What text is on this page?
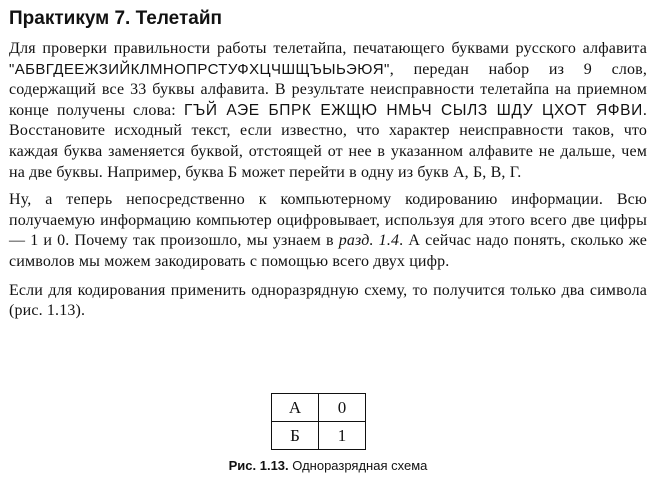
Практикум 7. Телетайп

Для проверки правильности работы телетайпа, печатающего буквами русского алфавита "АБВГДЕЕЖЗИЙКЛМНОПРСТУФХЦЧШЩЪЫЬЭЮЯ", передан набор из 9 слов, содержащий все 33 буквы алфавита. В результате неисправности телетайпа на приемном конце получены слова: ГЪЙ АЭЕ БПРК ЕЖЩЮ НМЬЧ СЫЛЗ ШДУ ЦХОТ ЯФВИ. Восстановите исходный текст, если известно, что характер неисправности таков, что каждая буква заменяется буквой, отстоящей от нее в указанном алфавите не дальше, чем на две буквы. Например, буква Б может перейти в одну из букв А, Б, В, Г.

Ну, а теперь непосредственно к компьютерному кодированию информации. Всю получаемую информацию компьютер оцифровывает, используя для этого всего две цифры — 1 и 0. Почему так произошло, мы узнаем в разд. 1.4. А сейчас надо понять, сколько же символов мы можем закодировать с помощью всего двух цифр.

Если для кодирования применить одноразрядную схему, то получится только два символа (рис. 1.13).

А	0
Б	1
Рис. 1.13. Одноразрядная схема
